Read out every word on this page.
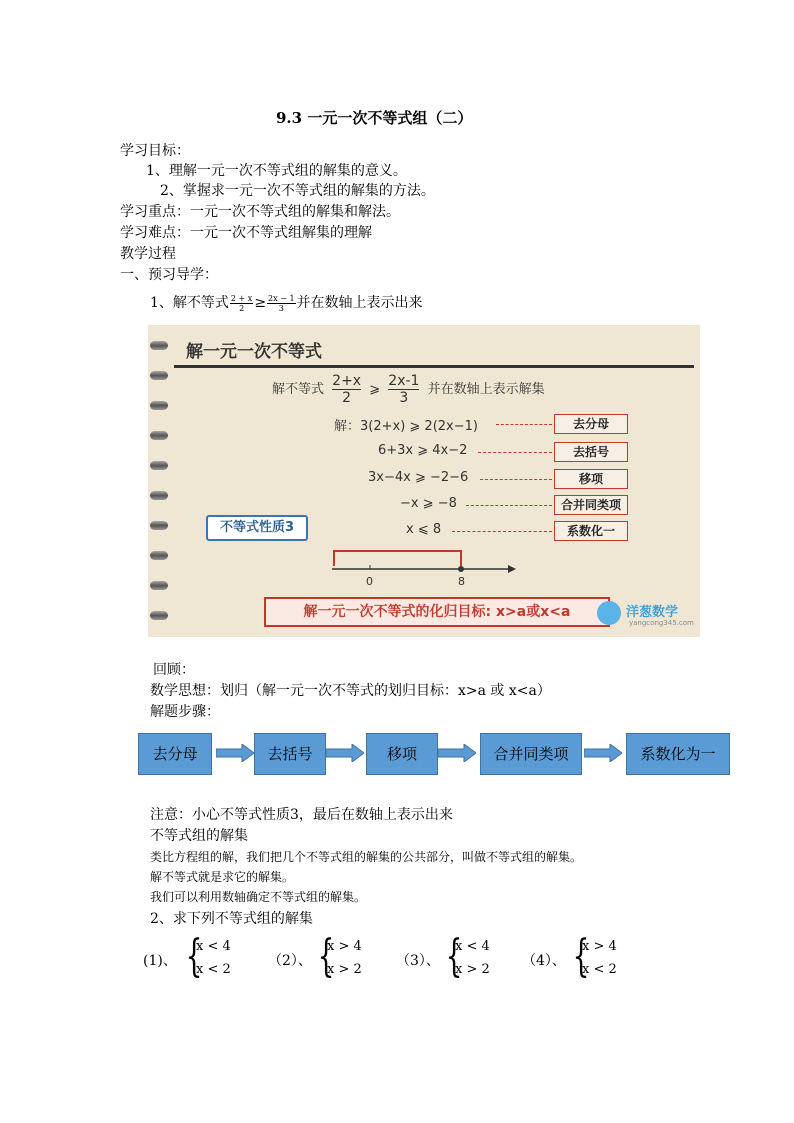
9.3 一元一次不等式组（二）
学习目标：
1、理解一元一次不等式组的解集的意义。
2、掌握求一元一次不等式组的解集的方法。
学习重点：一元一次不等式组的解集和解法。
学习难点：一元一次不等式组解集的理解
教学过程
一、预习导学：
1、解不等式 $\frac{2 + x}{2} \ge \frac{2x - 1}{3}$ 并在数轴上表示出来
解一元一次不等式
解不等式 $\frac{2+x}{2}$ ⩾ $\frac{2x-1}{3}$ 并在数轴上表示解集
解：3(2+x) ⩾ 2(2x−1)	去分母
6+3x ⩾ 4x−2	去括号
3x−4x ⩾ −2−6	移项
−x ⩾ −8	合并同类项
x ⩽ 8	系数化一
不等式性质3
0	8
解一元一次不等式的化归目标: x>a或x<a	洋葱数学
yangcong345.com
回顾：
数学思想：划归（解一元一次不等式的划归目标：x>a 或 x<a）
解题步骤：
去分母	去括号	移项	合并同类项	系数化为一
注意：小心不等式性质3，最后在数轴上表示出来
不等式组的解集
类比方程组的解，我们把几个不等式组的解集的公共部分，叫做不等式组的解集。
解不等式就是求它的解集。
我们可以利用数轴确定不等式组的解集。
2、求下列不等式组的解集
(1)、 {
x < 4
x < 2
（2）、 {
x > 4
x > 2
（3）、 {
x < 4
x > 2
（4）、 {
x > 4
x < 2
